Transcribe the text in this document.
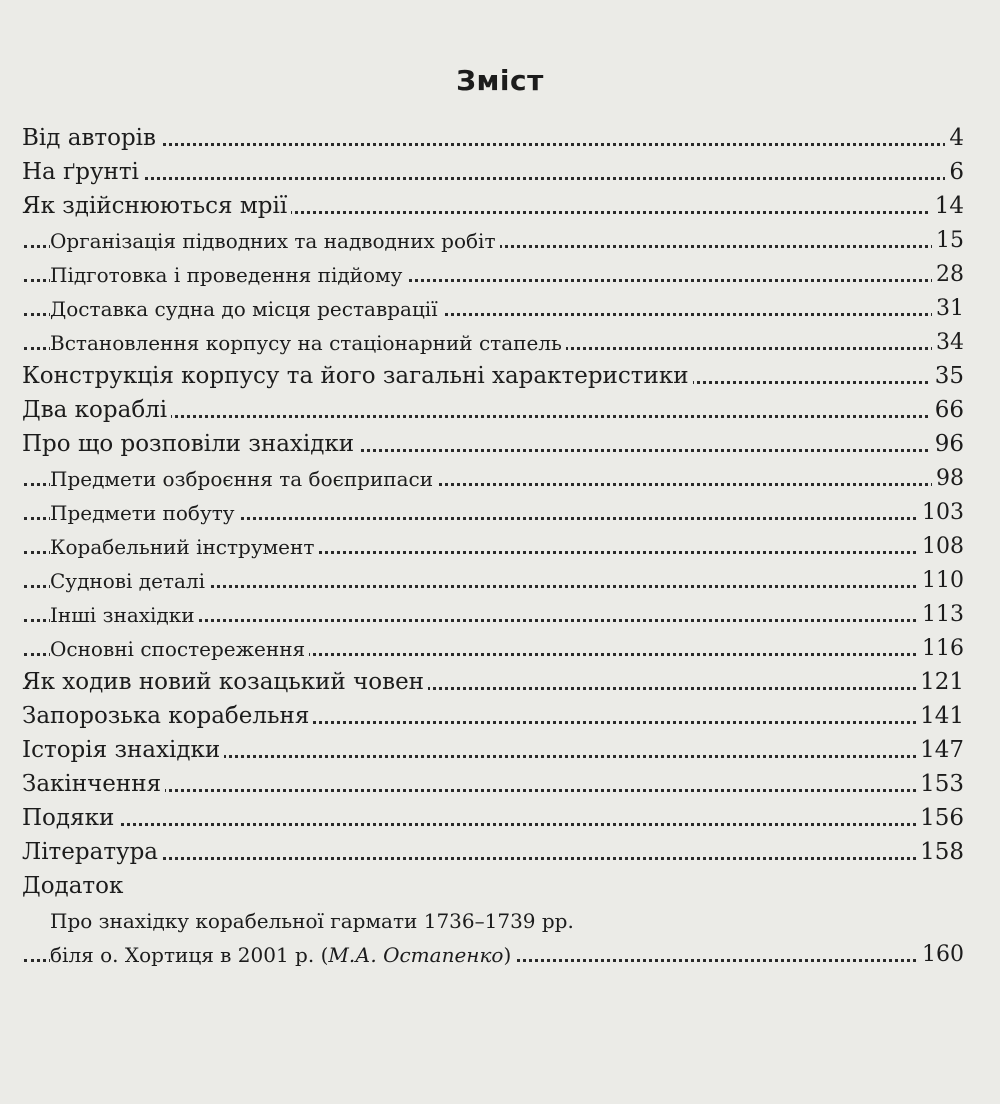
Зміст
Від авторів	4
На ґрунті	6
Як здійснюються мрії	14
Організація підводних та надводних робіт	15
Підготовка і проведення підйому	28
Доставка судна до місця реставрації	31
Встановлення корпусу на стаціонарний стапель	34
Конструкція корпусу та його загальні характеристики	35
Два кораблі	66
Про що розповіли знахідки	96
Предмети озброєння та боєприпаси	98
Предмети побуту	103
Корабельний інструмент	108
Суднові деталі	110
Інші знахідки	113
Основні спостереження	116
Як ходив новий козацький човен	121
Запорозька корабельня	141
Історія знахідки	147
Закінчення	153
Подяки	156
Література	158
Додаток
Про знахідку корабельної гармати 1736–1739 рр.
біля о. Хортиця в 2001 р. (М.А. Остапенко)	160
